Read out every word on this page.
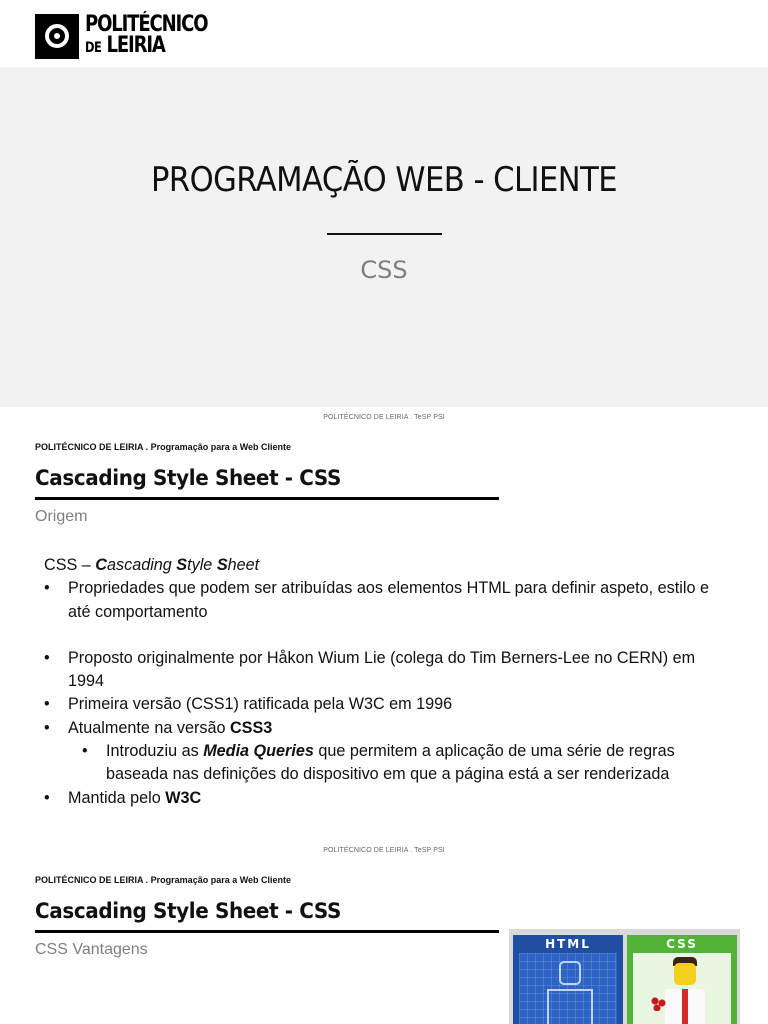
POLITÉCNICO
DE LEIRIA
PROGRAMAÇÃO WEB - CLIENTE
CSS
POLITÉCNICO DE LEIRIA . TeSP PSI
POLITÉCNICO DE LEIRIA . Programação para a Web Cliente
Cascading Style Sheet - CSS
Origem
CSS – Cascading Style Sheet
• Propriedades que podem ser atribuídas aos elementos HTML para definir aspeto, estilo e até comportamento
• Proposto originalmente por Håkon Wium Lie (colega do Tim Berners-Lee no CERN) em 1994
• Primeira versão (CSS1) ratificada pela W3C em 1996
• Atualmente na versão CSS3
• Introduziu as Media Queries que permitem a aplicação de uma série de regras baseada nas definições do dispositivo em que a página está a ser renderizada
• Mantida pelo W3C
POLITÉCNICO DE LEIRIA . TeSP PSI
POLITÉCNICO DE LEIRIA . Programação para a Web Cliente
Cascading Style Sheet - CSS
CSS Vantagens	HTML	CSS
